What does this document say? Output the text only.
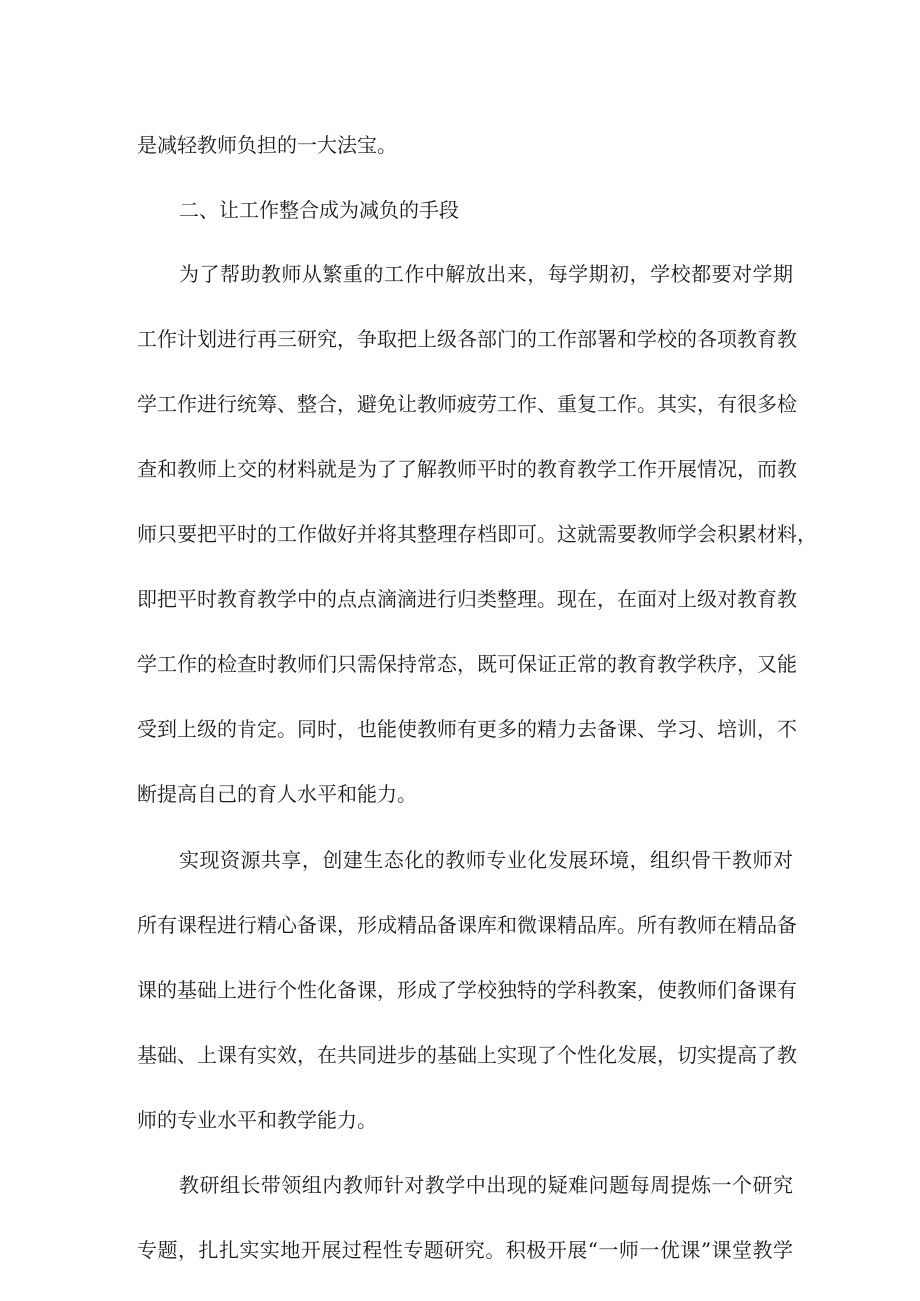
是减轻教师负担的一大法宝。
二、让工作整合成为减负的手段
为了帮助教师从繁重的工作中解放出来，每学期初，学校都要对学期
工作计划进行再三研究，争取把上级各部门的工作部署和学校的各项教育教
学工作进行统筹、整合，避免让教师疲劳工作、重复工作。其实，有很多检
查和教师上交的材料就是为了了解教师平时的教育教学工作开展情况，而教
师只要把平时的工作做好并将其整理存档即可。这就需要教师学会积累材料，
即把平时教育教学中的点点滴滴进行归类整理。现在，在面对上级对教育教
学工作的检查时教师们只需保持常态，既可保证正常的教育教学秩序，又能
受到上级的肯定。同时，也能使教师有更多的精力去备课、学习、培训，不
断提高自己的育人水平和能力。
实现资源共享，创建生态化的教师专业化发展环境，组织骨干教师对
所有课程进行精心备课，形成精品备课库和微课精品库。所有教师在精品备
课的基础上进行个性化备课，形成了学校独特的学科教案，使教师们备课有
基础、上课有实效，在共同进步的基础上实现了个性化发展，切实提高了教
师的专业水平和教学能力。
教研组长带领组内教师针对教学中出现的疑难问题每周提炼一个研究
专题，扎扎实实地开展过程性专题研究。积极开展“一师一优课”课堂教学
